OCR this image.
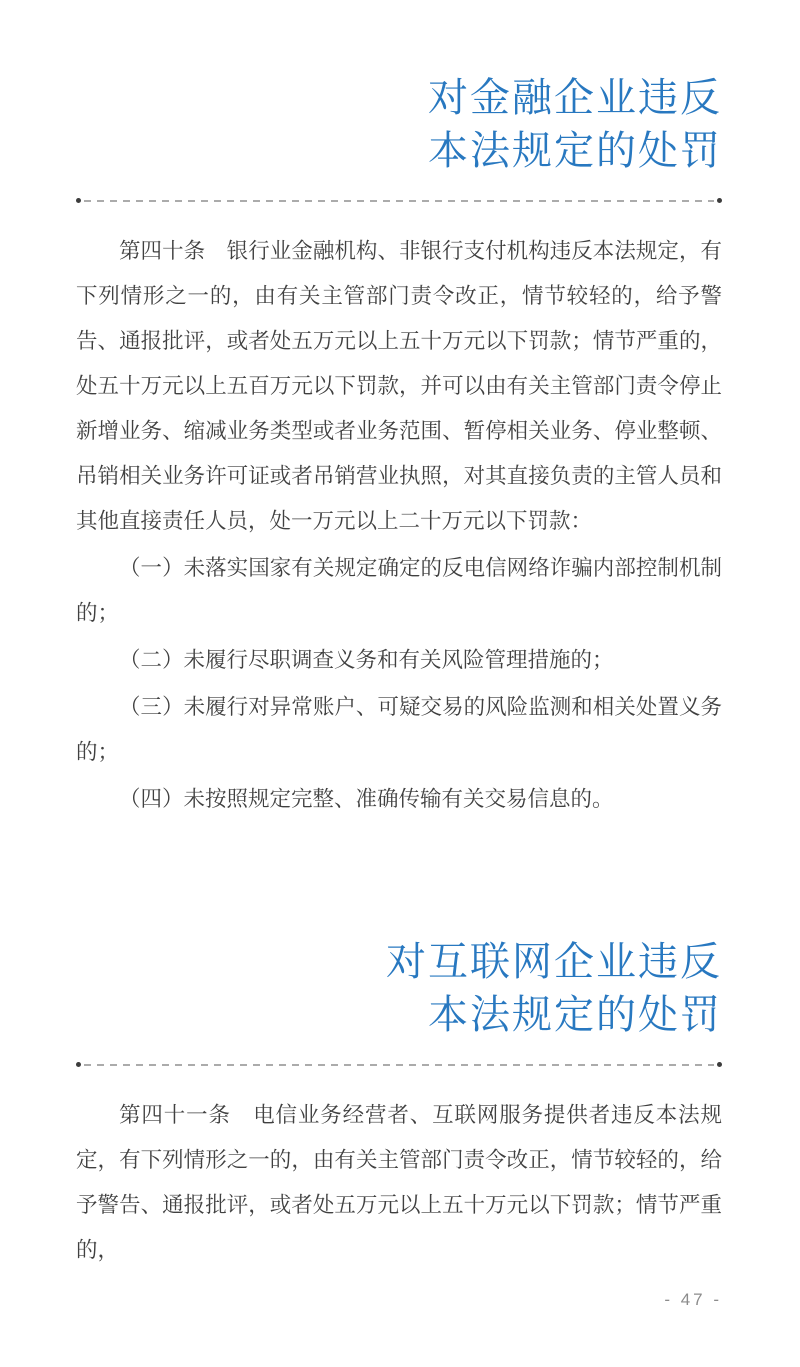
对金融企业违反
本法规定的处罚

第四十条　银行业金融机构、非银行支付机构违反本法规定，有下列情形之一的，由有关主管部门责令改正，情节较轻的，给予警告、通报批评，或者处五万元以上五十万元以下罚款；情节严重的，处五十万元以上五百万元以下罚款，并可以由有关主管部门责令停止新增业务、缩减业务类型或者业务范围、暂停相关业务、停业整顿、吊销相关业务许可证或者吊销营业执照，对其直接负责的主管人员和其他直接责任人员，处一万元以上二十万元以下罚款：

（一）未落实国家有关规定确定的反电信网络诈骗内部控制机制的；

（二）未履行尽职调查义务和有关风险管理措施的；

（三）未履行对异常账户、可疑交易的风险监测和相关处置义务的；

（四）未按照规定完整、准确传输有关交易信息的。

对互联网企业违反
本法规定的处罚

第四十一条　电信业务经营者、互联网服务提供者违反本法规定，有下列情形之一的，由有关主管部门责令改正，情节较轻的，给予警告、通报批评，或者处五万元以上五十万元以下罚款；情节严重的，

- 47 -
